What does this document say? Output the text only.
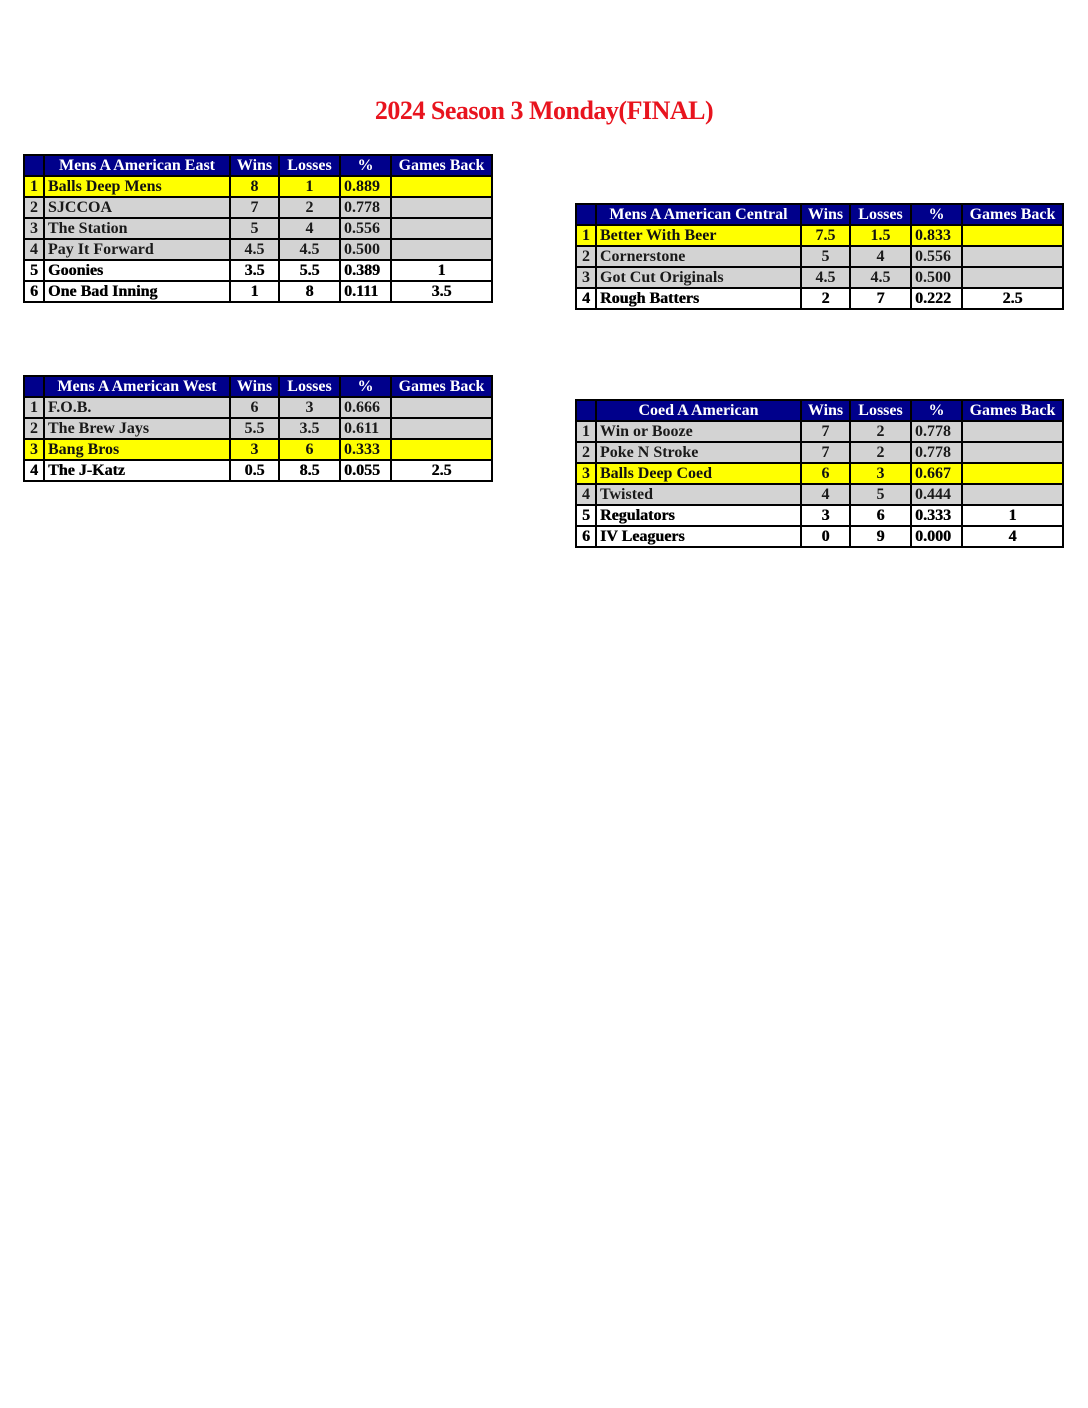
2024 Season 3 Monday(FINAL)
	Mens A American East	Wins	Losses	%	Games Back
1	Balls Deep Mens	8	1	0.889	
2	SJCCOA	7	2	0.778	
3	The Station	5	4	0.556	
4	Pay It Forward	4.5	4.5	0.500	
5	Goonies	3.5	5.5	0.389	1
6	One Bad Inning	1	8	0.111	3.5
	Mens A American West	Wins	Losses	%	Games Back
1	F.O.B.	6	3	0.666	
2	The Brew Jays	5.5	3.5	0.611	
3	Bang Bros	3	6	0.333	
4	The J-Katz	0.5	8.5	0.055	2.5
	Mens A American Central	Wins	Losses	%	Games Back
1	Better With Beer	7.5	1.5	0.833	
2	Cornerstone	5	4	0.556	
3	Got Cut Originals	4.5	4.5	0.500	
4	Rough Batters	2	7	0.222	2.5
	Coed A American	Wins	Losses	%	Games Back
1	Win or Booze	7	2	0.778	
2	Poke N Stroke	7	2	0.778	
3	Balls Deep Coed	6	3	0.667	
4	Twisted	4	5	0.444	
5	Regulators	3	6	0.333	1
6	IV Leaguers	0	9	0.000	4
